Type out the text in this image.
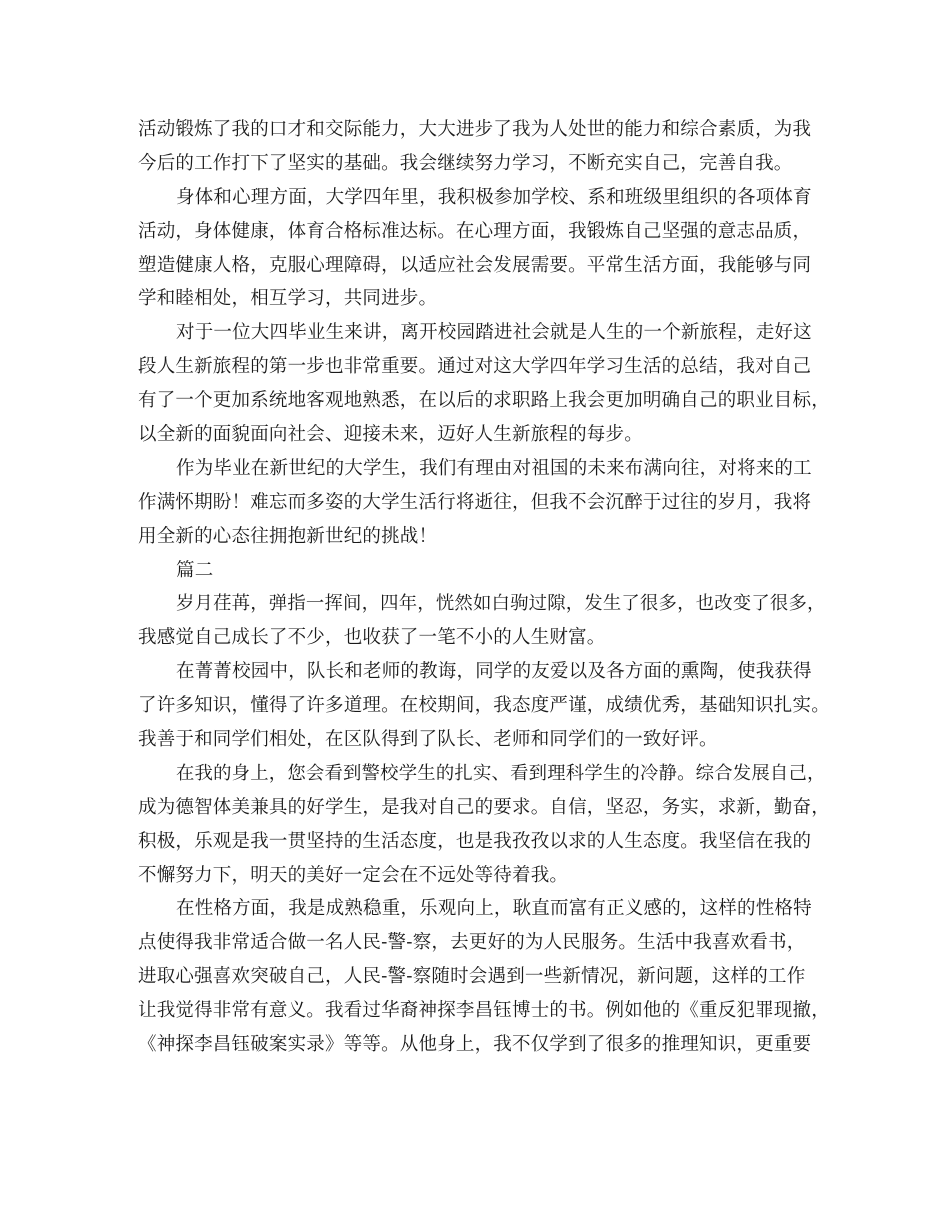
活动锻炼了我的口才和交际能力，大大进步了我为人处世的能力和综合素质，为我
今后的工作打下了坚实的基础。我会继续努力学习，不断充实自己，完善自我。

身体和心理方面，大学四年里，我积极参加学校、系和班级里组织的各项体育
活动，身体健康，体育合格标准达标。在心理方面，我锻炼自己坚强的意志品质，
塑造健康人格，克服心理障碍，以适应社会发展需要。平常生活方面，我能够与同
学和睦相处，相互学习，共同进步。

对于一位大四毕业生来讲，离开校园踏进社会就是人生的一个新旅程，走好这
段人生新旅程的第一步也非常重要。通过对这大学四年学习生活的总结，我对自己
有了一个更加系统地客观地熟悉，在以后的求职路上我会更加明确自己的职业目标，
以全新的面貌面向社会、迎接未来，迈好人生新旅程的每步。

作为毕业在新世纪的大学生，我们有理由对祖国的未来布满向往，对将来的工
作满怀期盼！难忘而多姿的大学生活行将逝往，但我不会沉醉于过往的岁月，我将
用全新的心态往拥抱新世纪的挑战！

篇二

岁月荏苒，弹指一挥间，四年，恍然如白驹过隙，发生了很多，也改变了很多，
我感觉自己成长了不少，也收获了一笔不小的人生财富。

在菁菁校园中，队长和老师的教诲，同学的友爱以及各方面的熏陶，使我获得
了许多知识，懂得了许多道理。在校期间，我态度严谨，成绩优秀，基础知识扎实。
我善于和同学们相处，在区队得到了队长、老师和同学们的一致好评。

在我的身上，您会看到警校学生的扎实、看到理科学生的冷静。综合发展自己，
成为德智体美兼具的好学生，是我对自己的要求。自信，坚忍，务实，求新，勤奋，
积极，乐观是我一贯坚持的生活态度，也是我孜孜以求的人生态度。我坚信在我的
不懈努力下，明天的美好一定会在不远处等待着我。

在性格方面，我是成熟稳重，乐观向上，耿直而富有正义感的，这样的性格特
点使得我非常适合做一名人民-警-察，去更好的为人民服务。生活中我喜欢看书，
进取心强喜欢突破自己，人民-警-察随时会遇到一些新情况，新问题，这样的工作
让我觉得非常有意义。我看过华裔神探李昌钰博士的书。例如他的《重反犯罪现撤，
《神探李昌钰破案实录》等等。从他身上，我不仅学到了很多的推理知识，更重要
